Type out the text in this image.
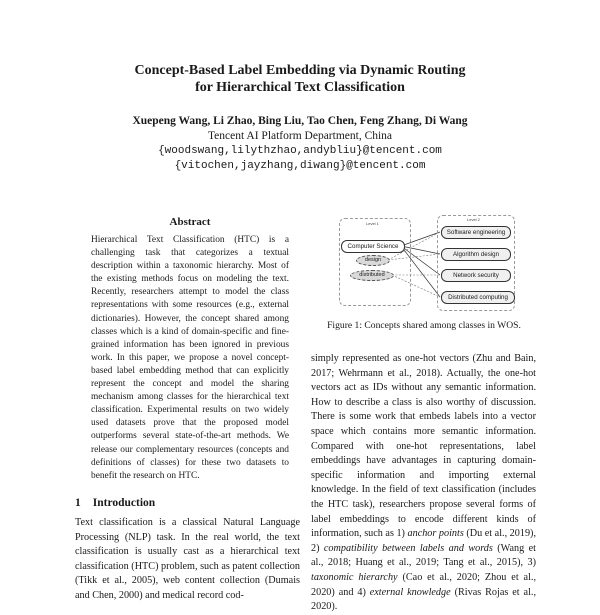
Concept-Based Label Embedding via Dynamic Routing
for Hierarchical Text Classification
Xuepeng Wang, Li Zhao, Bing Liu, Tao Chen, Feng Zhang, Di Wang
Tencent AI Platform Department, China
{woodswang,lilythzhao,andybliu}@tencent.com
{vitochen,jayzhang,diwang}@tencent.com
Abstract
Hierarchical Text Classification (HTC) is a challenging task that categorizes a textual description within a taxonomic hierarchy. Most of the existing methods focus on modeling the text. Recently, researchers attempt to model the class representations with some resources (e.g., external dictionaries). However, the concept shared among classes which is a kind of domain-specific and fine-grained information has been ignored in previous work. In this paper, we propose a novel concept-based label embedding method that can explicitly represent the concept and model the sharing mechanism among classes for the hierarchical text classification. Experimental results on two widely used datasets prove that the proposed model outperforms several state-of-the-art methods. We release our complementary resources (concepts and definitions of classes) for these two datasets to benefit the research on HTC.
1 Introduction
Text classification is a classical Natural Language Processing (NLP) task. In the real world, the text classification is usually cast as a hierarchical text classification (HTC) problem, such as patent collection (Tikk et al., 2005), web content collection (Dumais and Chen, 2000) and medical record cod-
Level 1
Level 2
Computer Science
design
distributed
Software engineering
Algorithm design
Network security
Distributed computing
Figure 1: Concepts shared among classes in WOS.
simply represented as one-hot vectors (Zhu and Bain, 2017; Wehrmann et al., 2018). Actually, the one-hot vectors act as IDs without any semantic information. How to describe a class is also worthy of discussion. There is some work that embeds labels into a vector space which contains more semantic information. Compared with one-hot representations, label embeddings have advantages in capturing domain-specific information and importing external knowledge. In the field of text classification (includes the HTC task), researchers propose several forms of label embeddings to encode different kinds of information, such as 1) anchor points (Du et al., 2019), 2) compatibility between labels and words (Wang et al., 2018; Huang et al., 2019; Tang et al., 2015), 3) taxonomic hierarchy (Cao et al., 2020; Zhou et al., 2020) and 4) external knowledge (Rivas Rojas et al., 2020).
